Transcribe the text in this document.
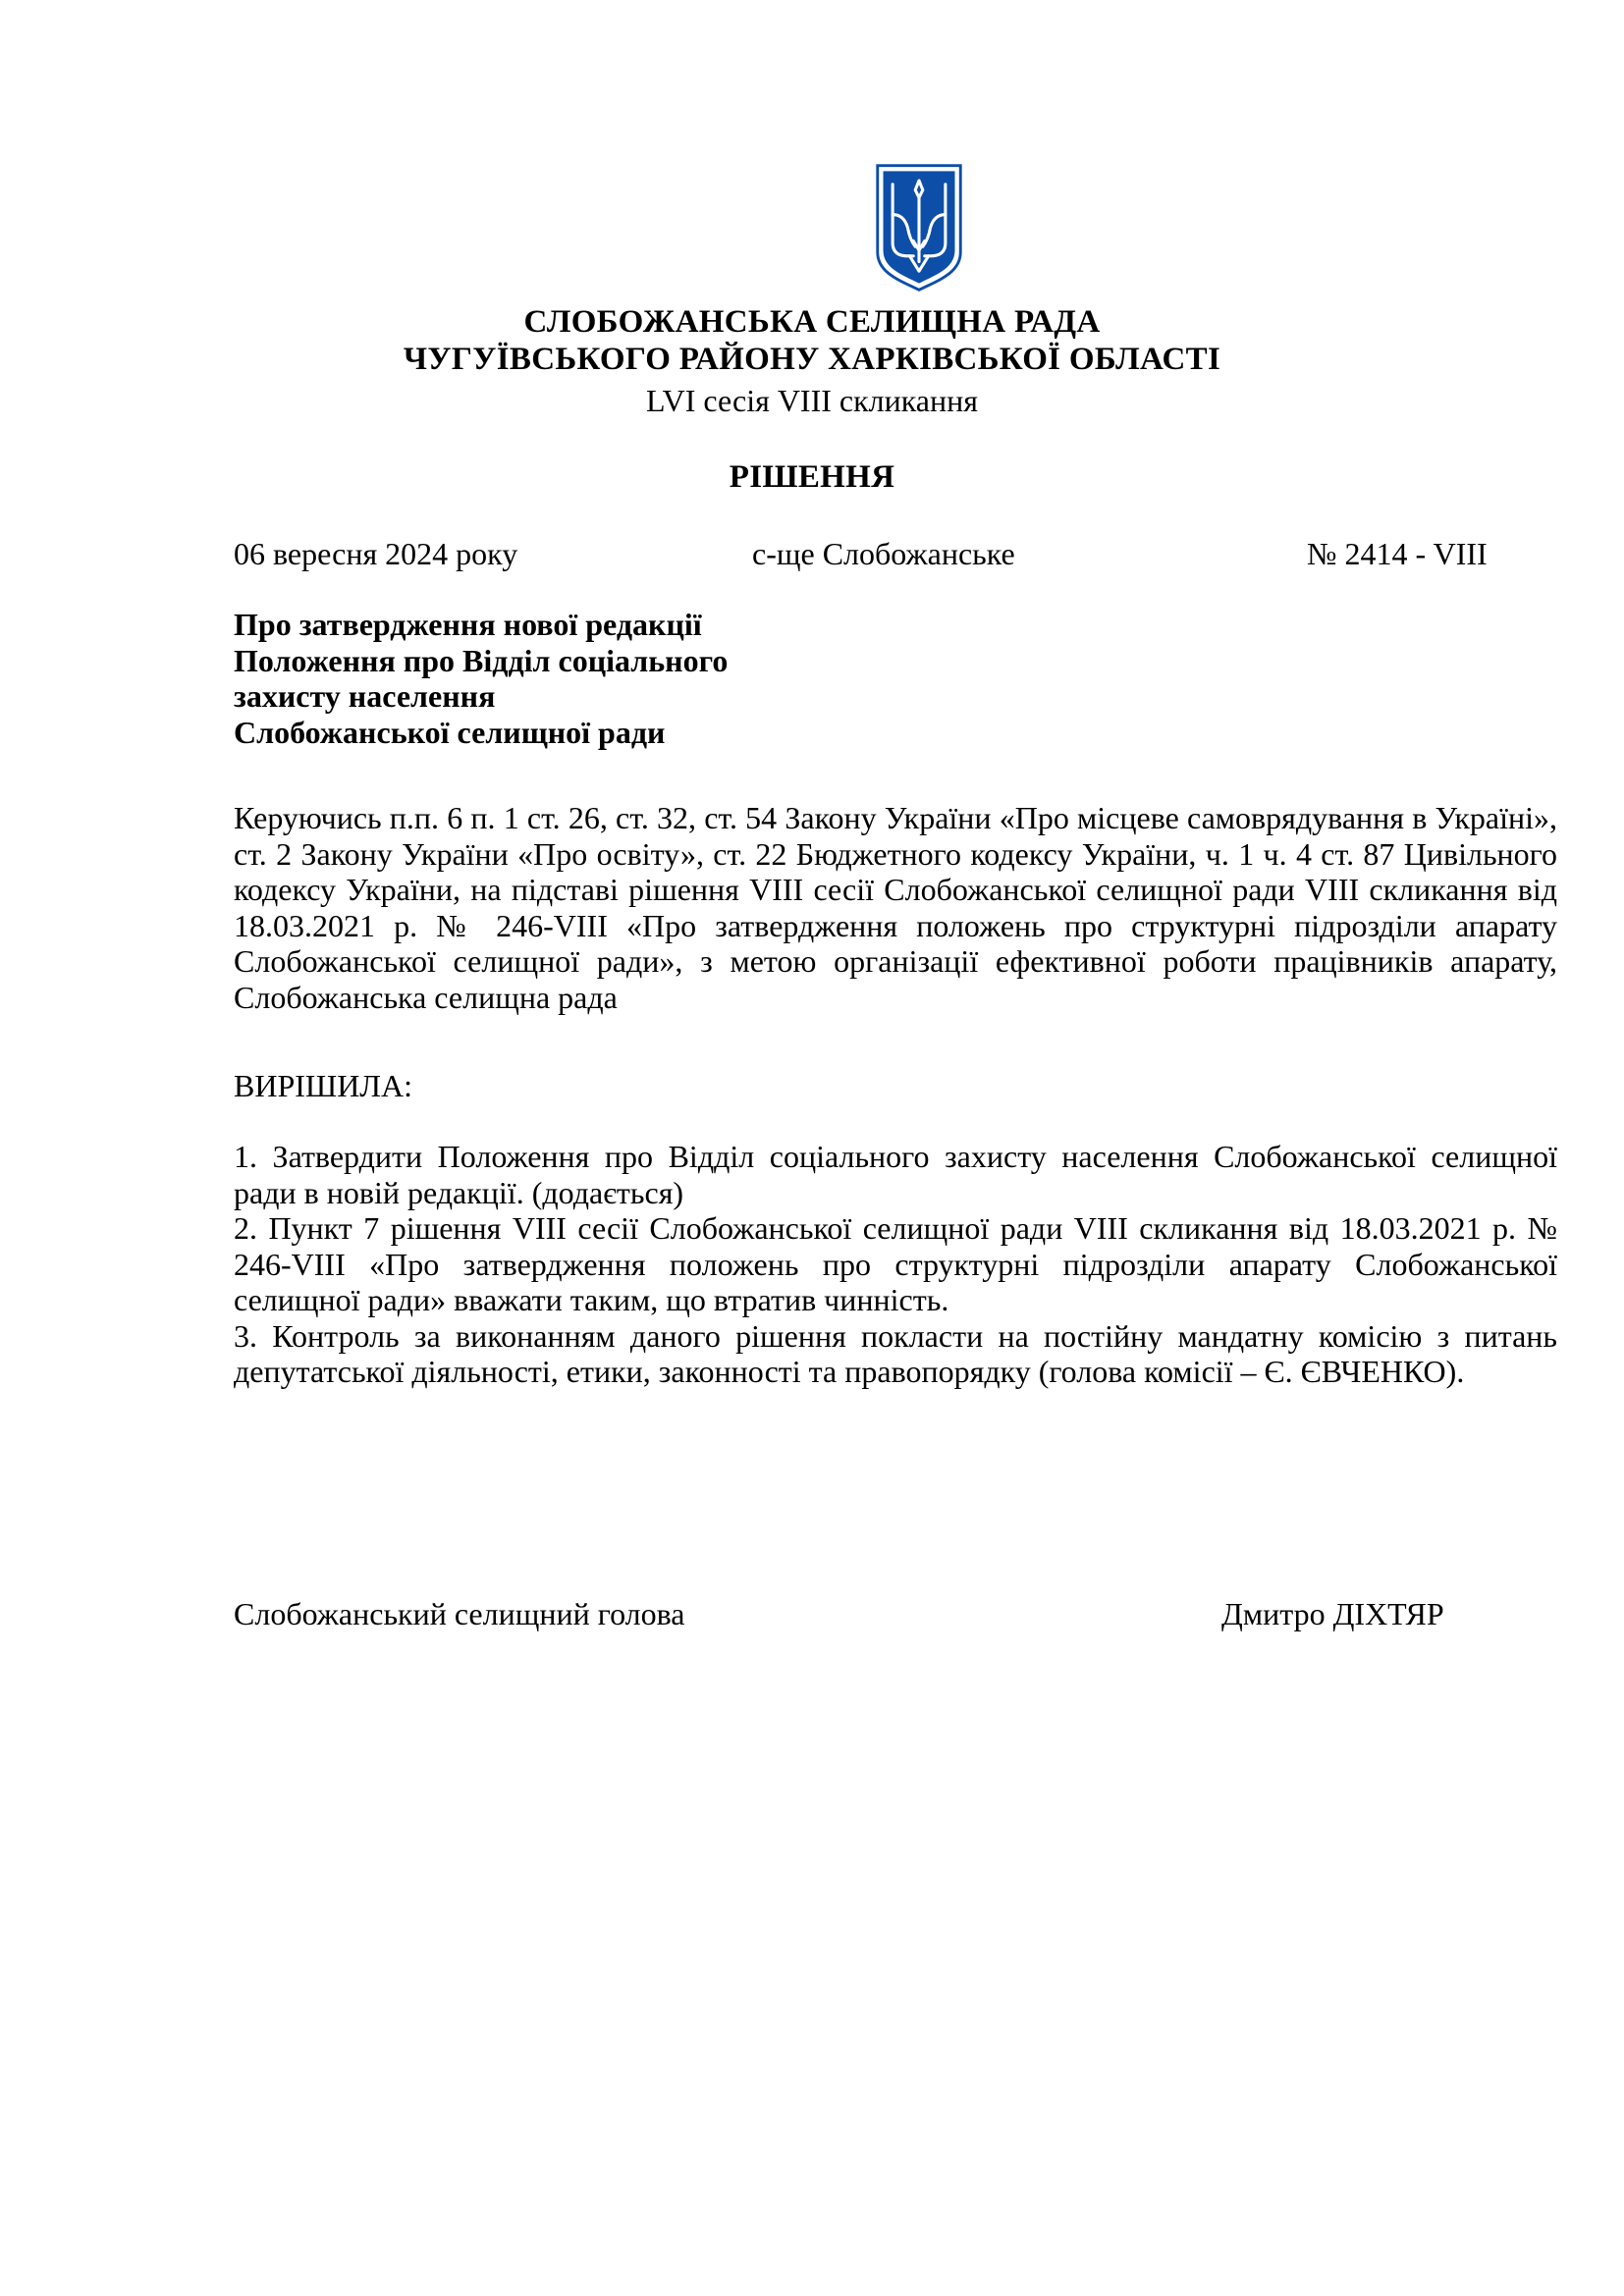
СЛОБОЖАНСЬКА СЕЛИЩНА РАДА
ЧУГУЇВСЬКОГО РАЙОНУ ХАРКІВСЬКОЇ ОБЛАСТІ
LVI сесія VIII скликання
РІШЕННЯ
06 вересня 2024 року	с-ще Слобожанське	№ 2414 - VIII
Про затвердження нової редакції
Положення про Відділ соціального
захисту населення
Слобожанської селищної ради
Керуючись п.п. 6 п. 1 ст. 26, ст. 32, ст. 54 Закону України «Про місцеве самоврядування в Україні», ст. 2 Закону України «Про освіту», ст. 22 Бюджетного кодексу України, ч. 1 ч. 4 ст. 87 Цивільного кодексу України, на підставі рішення VIII сесії Слобожанської селищної ради VIII скликання від 18.03.2021 р. № 246-VIII «Про затвердження положень про структурні підрозділи апарату Слобожанської селищної ради», з метою організації ефективної роботи працівників апарату, Слобожанська селищна рада
ВИРІШИЛА:

1. Затвердити Положення про Відділ соціального захисту населення Слобожанської селищної ради в новій редакції. (додається)

2. Пункт 7 рішення VIII сесії Слобожанської селищної ради VIII скликання від 18.03.2021 р. № 246-VIII «Про затвердження положень про структурні підрозділи апарату Слобожанської селищної ради» вважати таким, що втратив чинність.

3. Контроль за виконанням даного рішення покласти на постійну мандатну комісію з питань депутатської діяльності, етики, законності та правопорядку (голова комісії – Є. ЄВЧЕНКО).

Слобожанський селищний голова	Дмитро ДІХТЯР
